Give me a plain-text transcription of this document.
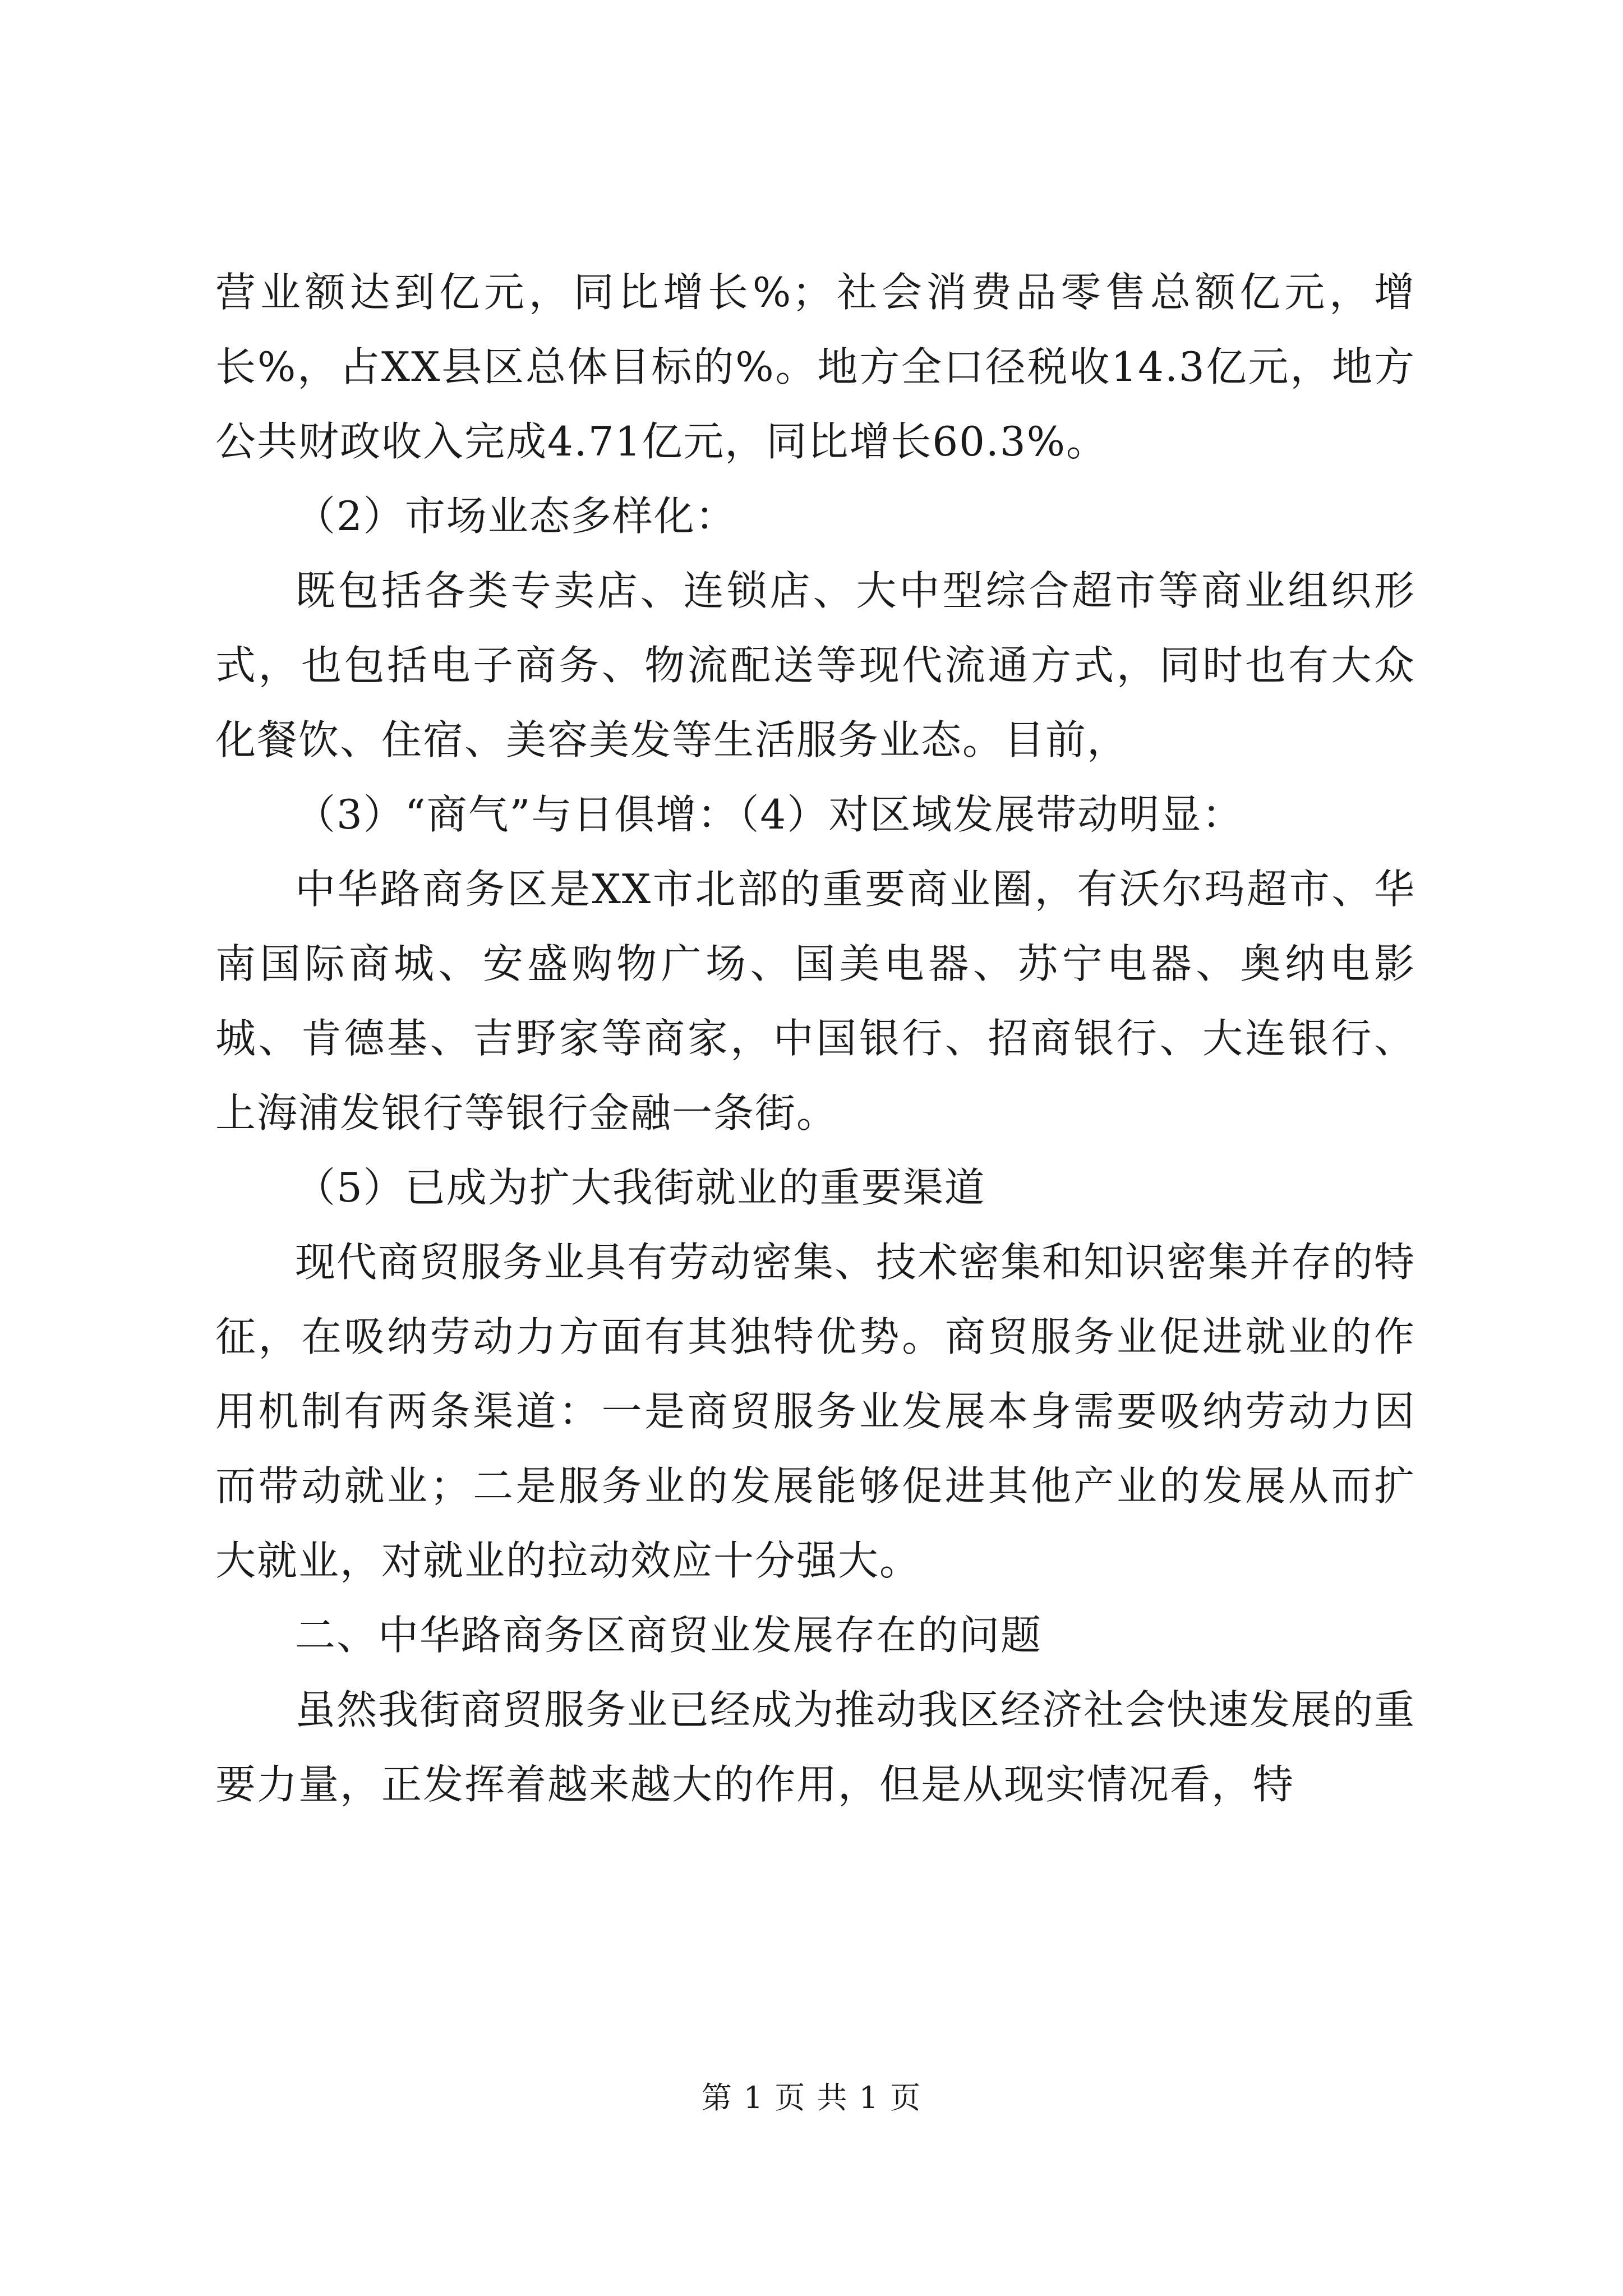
营业额达到亿元，同比增长%；社会消费品零售总额亿元，增长%，占XX县区总体目标的%。地方全口径税收14.3亿元，地方公共财政收入完成4.71亿元，同比增长60.3%。

（2）市场业态多样化：

既包括各类专卖店、连锁店、大中型综合超市等商业组织形式，也包括电子商务、物流配送等现代流通方式，同时也有大众化餐饮、住宿、美容美发等生活服务业态。目前，

（3）“商气”与日俱增：（4）对区域发展带动明显：

中华路商务区是XX市北部的重要商业圈，有沃尔玛超市、华南国际商城、安盛购物广场、国美电器、苏宁电器、奥纳电影城、肯德基、吉野家等商家，中国银行、招商银行、大连银行、上海浦发银行等银行金融一条街。

（5）已成为扩大我街就业的重要渠道

现代商贸服务业具有劳动密集、技术密集和知识密集并存的特征，在吸纳劳动力方面有其独特优势。商贸服务业促进就业的作用机制有两条渠道：一是商贸服务业发展本身需要吸纳劳动力因而带动就业；二是服务业的发展能够促进其他产业的发展从而扩大就业，对就业的拉动效应十分强大。

二、中华路商务区商贸业发展存在的问题

虽然我街商贸服务业已经成为推动我区经济社会快速发展的重要力量，正发挥着越来越大的作用，但是从现实情况看，特

第 1 页 共 1 页
